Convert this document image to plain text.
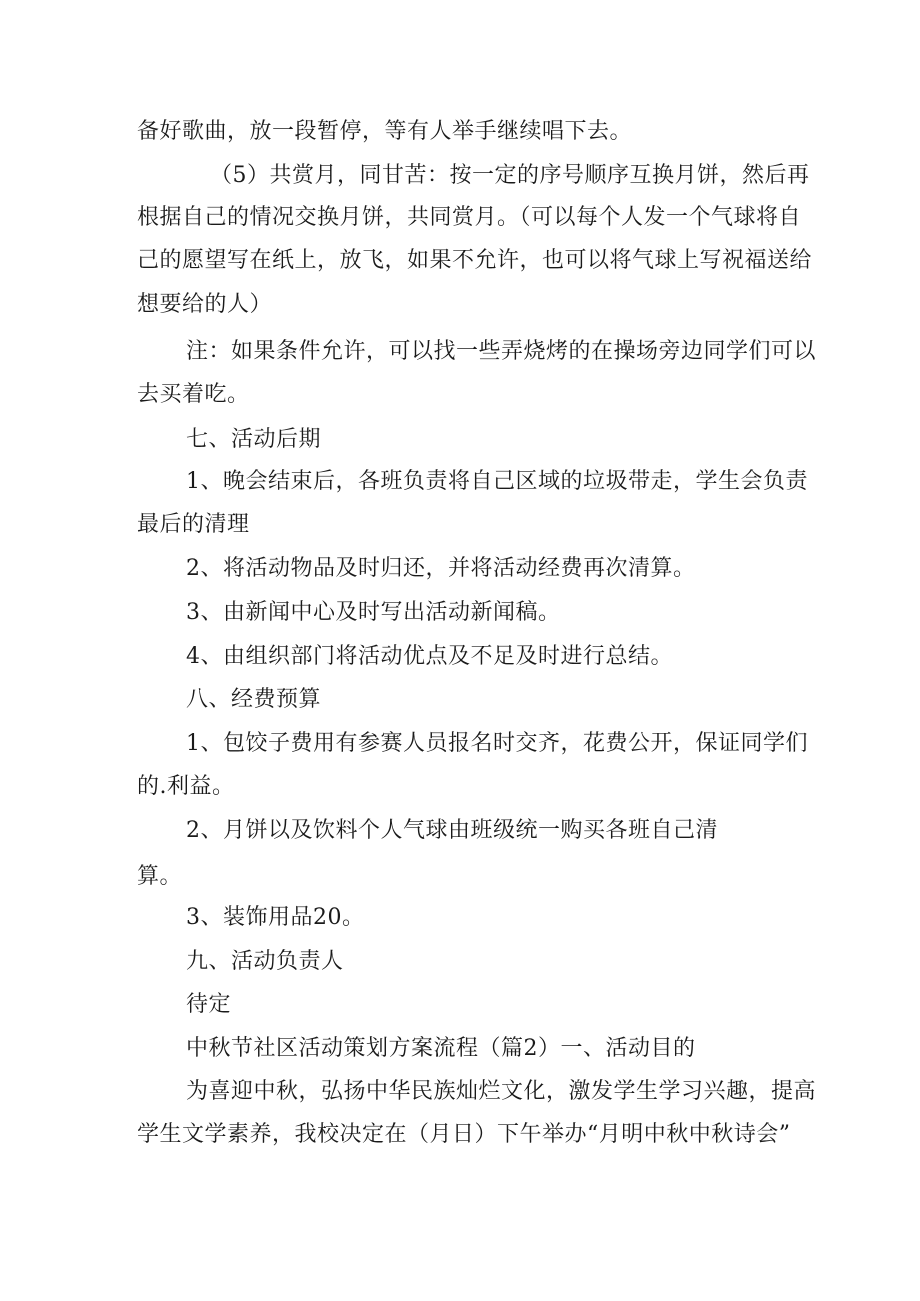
备好歌曲，放一段暂停，等有人举手继续唱下去。
（5）共赏月，同甘苦：按一定的序号顺序互换月饼，然后再
根据自己的情况交换月饼，共同赏月。（可以每个人发一个气球将自
己的愿望写在纸上，放飞，如果不允许，也可以将气球上写祝福送给
想要给的人）
注：如果条件允许，可以找一些弄烧烤的在操场旁边同学们可以
去买着吃。
七、活动后期
1、晚会结束后，各班负责将自己区域的垃圾带走，学生会负责
最后的清理
2、将活动物品及时归还，并将活动经费再次清算。
3、由新闻中心及时写出活动新闻稿。
4、由组织部门将活动优点及不足及时进行总结。
八、经费预算
1、包饺子费用有参赛人员报名时交齐，花费公开，保证同学们
的.利益。
2、月饼以及饮料个人气球由班级统一购买各班自己清
算。
3、装饰用品20。
九、活动负责人
待定
中秋节社区活动策划方案流程（篇2）一、活动目的
为喜迎中秋，弘扬中华民族灿烂文化，激发学生学习兴趣，提高
学生文学素养，我校决定在（月日）下午举办“月明中秋中秋诗会”
